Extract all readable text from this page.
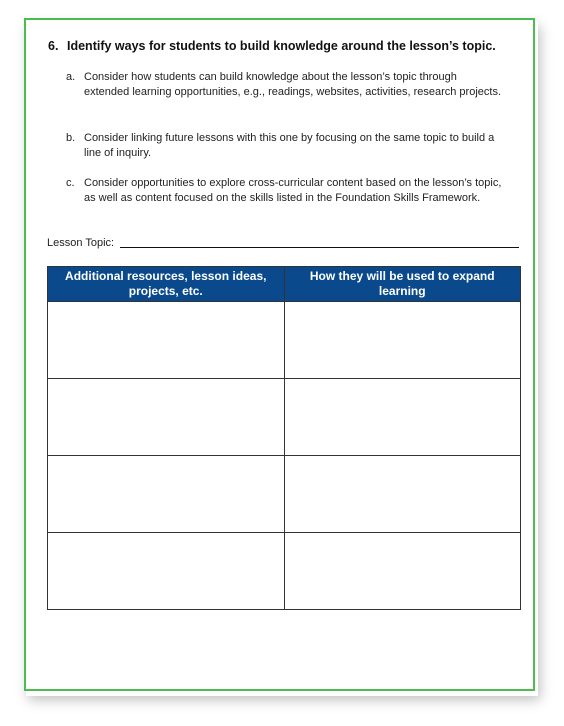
6. Identify ways for students to build knowledge around the lesson’s topic.
a. Consider how students can build knowledge about the lesson’s topic through extended learning opportunities, e.g., readings, websites, activities, research projects.
b. Consider linking future lessons with this one by focusing on the same topic to build a line of inquiry.
c. Consider opportunities to explore cross-curricular content based on the lesson’s topic, as well as content focused on the skills listed in the Foundation Skills Framework.
Lesson Topic:
Additional resources, lesson ideas, projects, etc.	How they will be used to expand learning
